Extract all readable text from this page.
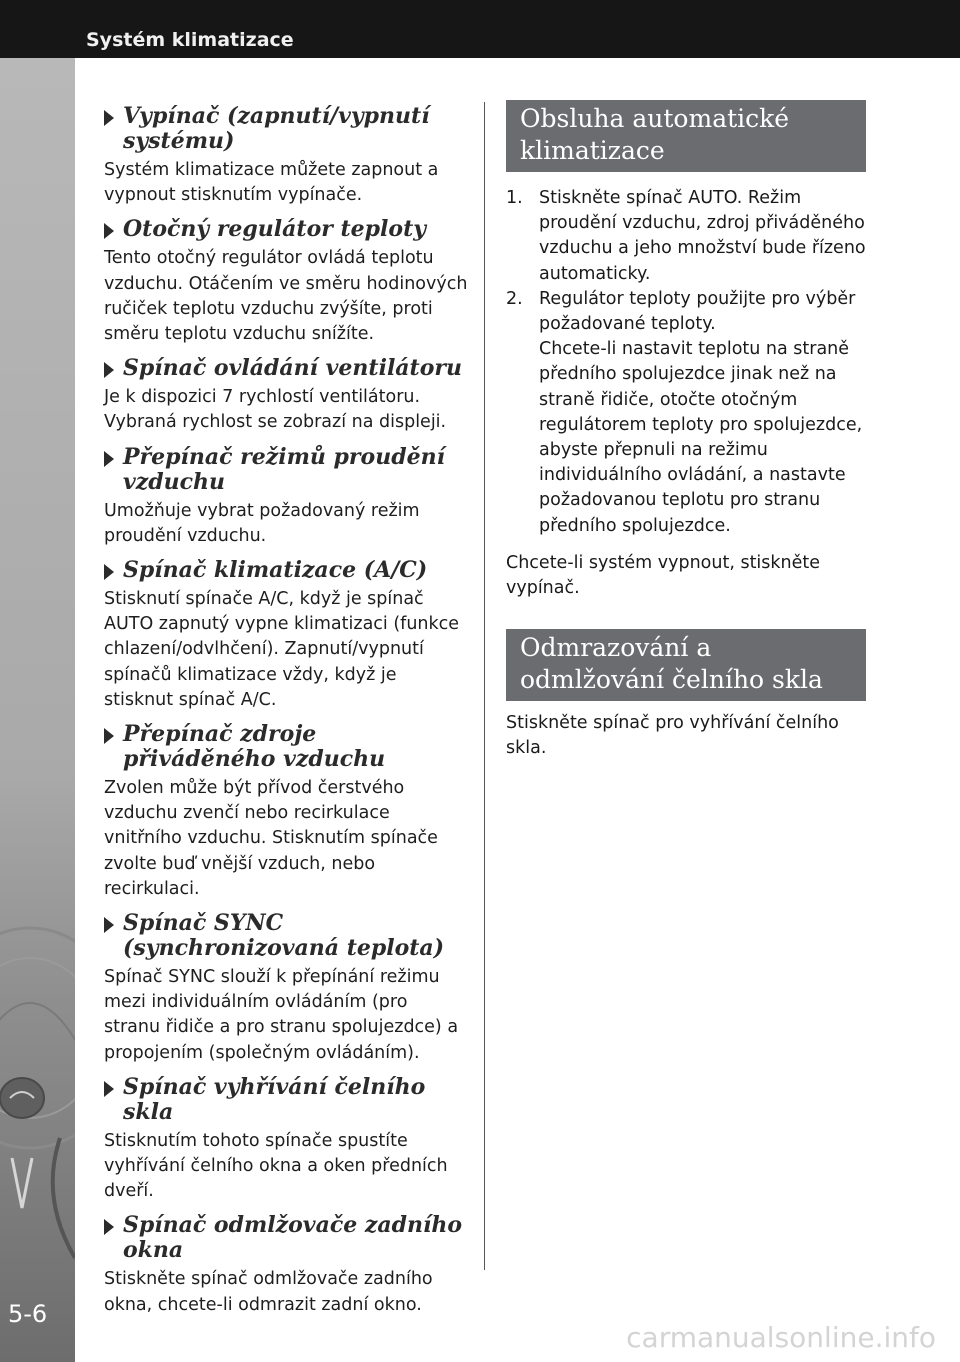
Systém klimatizace
5-6
Vypínač (zapnutí/vypnutí systému)

Systém klimatizace můžete zapnout a vypnout stisknutím vypínače.

Otočný regulátor teploty

Tento otočný regulátor ovládá teplotu vzduchu. Otáčením ve směru hodinových ručiček teplotu vzduchu zvýšíte, proti směru teplotu vzduchu snížíte.

Spínač ovládání ventilátoru

Je k dispozici 7 rychlostí ventilátoru. Vybraná rychlost se zobrazí na displeji.

Přepínač režimů proudění vzduchu

Umožňuje vybrat požadovaný režim proudění vzduchu.

Spínač klimatizace (A/C)

Stisknutí spínače A/C, když je spínač AUTO zapnutý vypne klimatizaci (funkce chlazení/odvlhčení). Zapnutí/vypnutí spínačů klimatizace vždy, když je stisknut spínač A/C.

Přepínač zdroje přiváděného vzduchu

Zvolen může být přívod čerstvého vzduchu zvenčí nebo recirkulace vnitřního vzduchu. Stisknutím spínače zvolte buď vnější vzduch, nebo recirkulaci.

Spínač SYNC (synchronizovaná teplota)

Spínač SYNC slouží k přepínání režimu mezi individuálním ovládáním (pro stranu řidiče a pro stranu spolujezdce) a propojením (společným ovládáním).

Spínač vyhřívání čelního skla

Stisknutím tohoto spínače spustíte vyhřívání čelního okna a oken předních dveří.

Spínač odmlžovače zadního okna

Stiskněte spínač odmlžovače zadního okna, chcete-li odmrazit zadní okno.

Obsluha automatické klimatizace
1. Stiskněte spínač AUTO. Režim proudění vzduchu, zdroj přiváděného vzduchu a jeho množství bude řízeno automaticky.
2. Regulátor teploty použijte pro výběr požadované teploty.
Chcete-li nastavit teplotu na straně předního spolujezdce jinak než na straně řidiče, otočte otočným regulátorem teploty pro spolujezdce, abyste přepnuli na režimu individuálního ovládání, a nastavte požadovanou teplotu pro stranu předního spolujezdce.

Chcete-li systém vypnout, stiskněte vypínač.

Odmrazování a odmlžování čelního skla

Stiskněte spínač pro vyhřívání čelního skla.

carmanualsonline.info
